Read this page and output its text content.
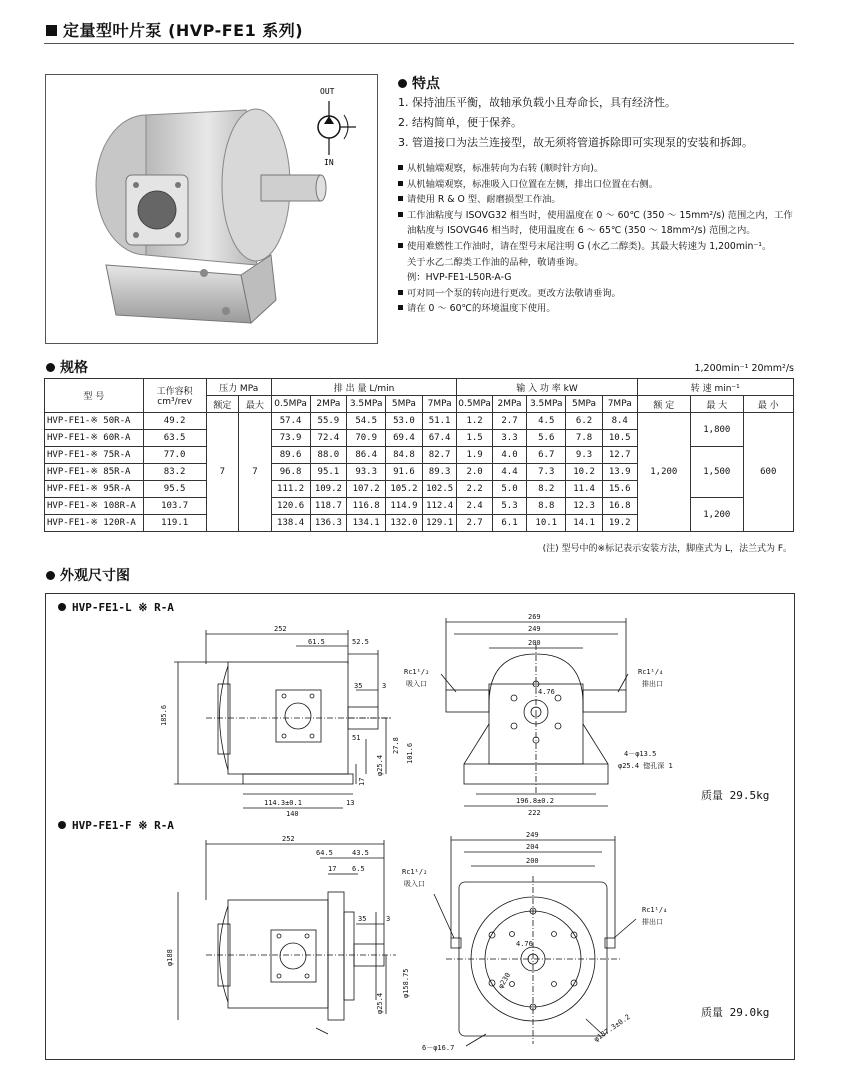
定量型叶片泵 (HVP-FE1 系列)
OUT
IN
特点
1. 保持油压平衡，故轴承负载小且寿命长，具有经济性。
2. 结构简单，便于保养。
3. 管道接口为法兰连接型，故无须将管道拆除即可实现泵的安装和拆卸。
从机轴端观察，标准转向为右转 (顺时针方向)。
从机轴端观察，标准吸入口位置在左侧，排出口位置在右侧。
请使用 R & O 型、耐磨损型工作油。
工作油粘度与 ISOVG32 相当时，使用温度在 0 ～ 60℃ (350 ～ 15mm²/s) 范围之内，工作
油粘度与 ISOVG46 相当时，使用温度在 6 ～ 65℃ (350 ～ 18mm²/s) 范围之内。
使用难燃性工作油时，请在型号末尾注明 G (水乙二醇类)。其最大转速为 1,200min⁻¹。
关于水乙二醇类工作油的品种，敬请垂询。
例：HVP-FE1-L50R-A-G
可对同一个泵的转向进行更改。更改方法敬请垂询。
请在 0 ～ 60℃的环境温度下使用。
规格	1,200min⁻¹ 20mm²/s
型 号	工作容积
cm³/rev	压力 MPa		排 出 量 L/min					输 入 功 率 kW					转 速 min⁻¹		
		额定	最大	0.5MPa	2MPa	3.5MPa	5MPa	7MPa	0.5MPa	2MPa	3.5MPa	5MPa	7MPa	额 定	最 大	最 小
HVP-FE1-※ 50R-A	49.2	7	7	57.4	55.9	54.5	53.0	51.1	1.2	2.7	4.5	6.2	8.4	1,200	1,800	600
HVP-FE1-※ 60R-A	63.5			73.9	72.4	70.9	69.4	67.4	1.5	3.3	5.6	7.8	10.5			
HVP-FE1-※ 75R-A	77.0			89.6	88.0	86.4	84.8	82.7	1.9	4.0	6.7	9.3	12.7		1,500	
HVP-FE1-※ 85R-A	83.2			96.8	95.1	93.3	91.6	89.3	2.0	4.4	7.3	10.2	13.9			
HVP-FE1-※ 95R-A	95.5			111.2	109.2	107.2	105.2	102.5	2.2	5.0	8.2	11.4	15.6			
HVP-FE1-※ 108R-A	103.7			120.6	118.7	116.8	114.9	112.4	2.4	5.3	8.8	12.3	16.8		1,200	
HVP-FE1-※ 120R-A	119.1			138.4	136.3	134.1	132.0	129.1	2.7	6.1	10.1	14.1	19.2			
(注) 型号中的※标记表示安装方法，脚座式为 L，法兰式为 F。
外观尺寸图
HVP-FE1-L ※ R-A
HVP-FE1-F ※ R-A
质量 29.5kg
质量 29.0kg
252
61.5	52.5
35	3
51
185.6
27.8 101.6
φ25.4
17
114.3±0.1	13
140
269
249
200
Rc1¹/₂
吸入口
Rc1¹/₄
排出口
4.76
4－φ13.5
φ25.4 锪孔深 1
196.8±0.2
222
252
64.5	43.5
17 6.5
35	3
φ188
φ158.75
φ25.4
249
204
200
Rc1¹/₂
吸入口
Rc1¹/₄
排出口
4.76
φ230
φ187.3±0.2
6－φ16.7
